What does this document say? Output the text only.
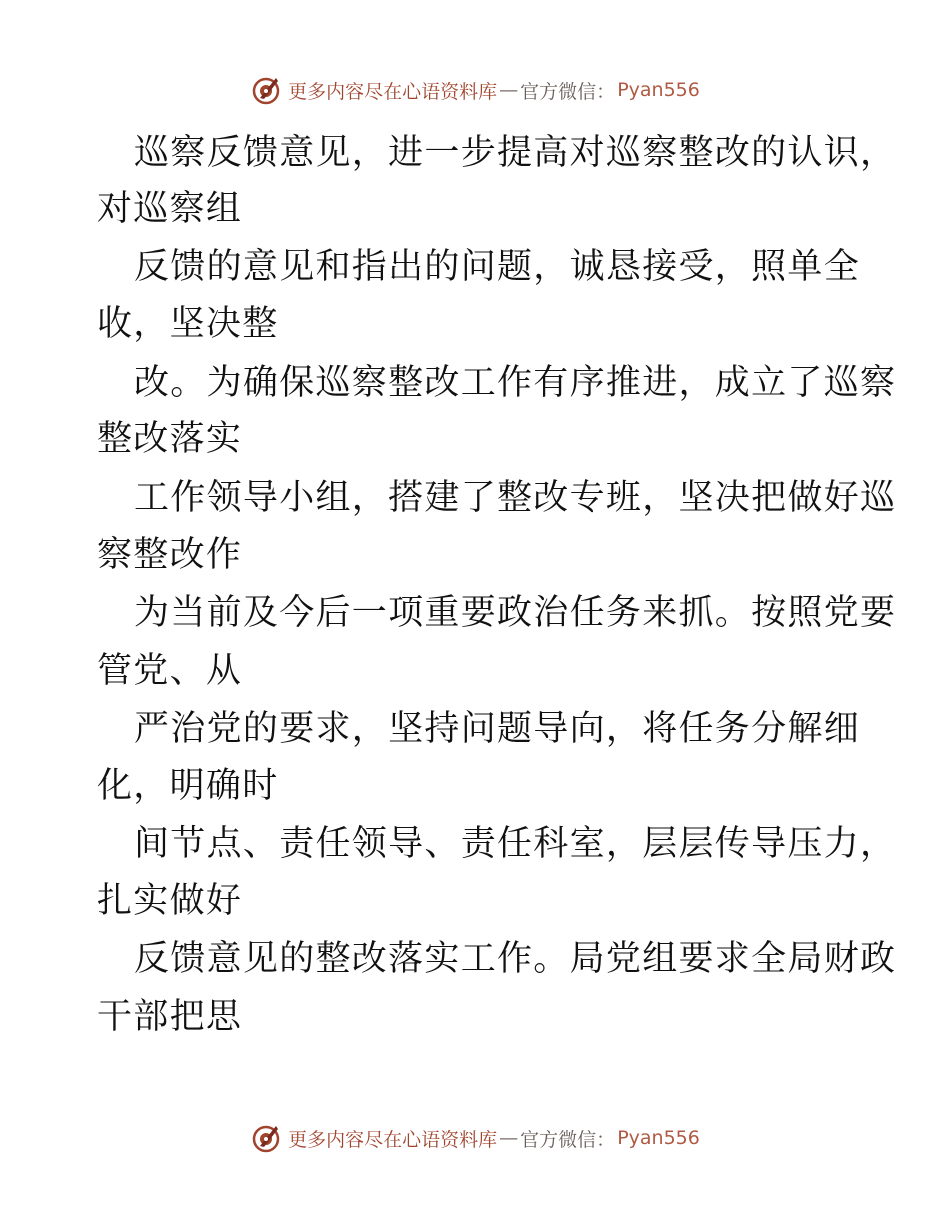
更多内容尽在心语资料库 — 官方微信： Pyan556
巡察反馈意见，进一步提高对巡察整改的认识，
对巡察组
反馈的意见和指出的问题，诚恳接受，照单全
收，坚决整
改。为确保巡察整改工作有序推进，成立了巡察
整改落实
工作领导小组，搭建了整改专班，坚决把做好巡
察整改作
为当前及今后一项重要政治任务来抓。按照党要
管党、从
严治党的要求，坚持问题导向，将任务分解细
化，明确时
间节点、责任领导、责任科室，层层传导压力，
扎实做好
反馈意见的整改落实工作。局党组要求全局财政
干部把思
更多内容尽在心语资料库 — 官方微信： Pyan556
